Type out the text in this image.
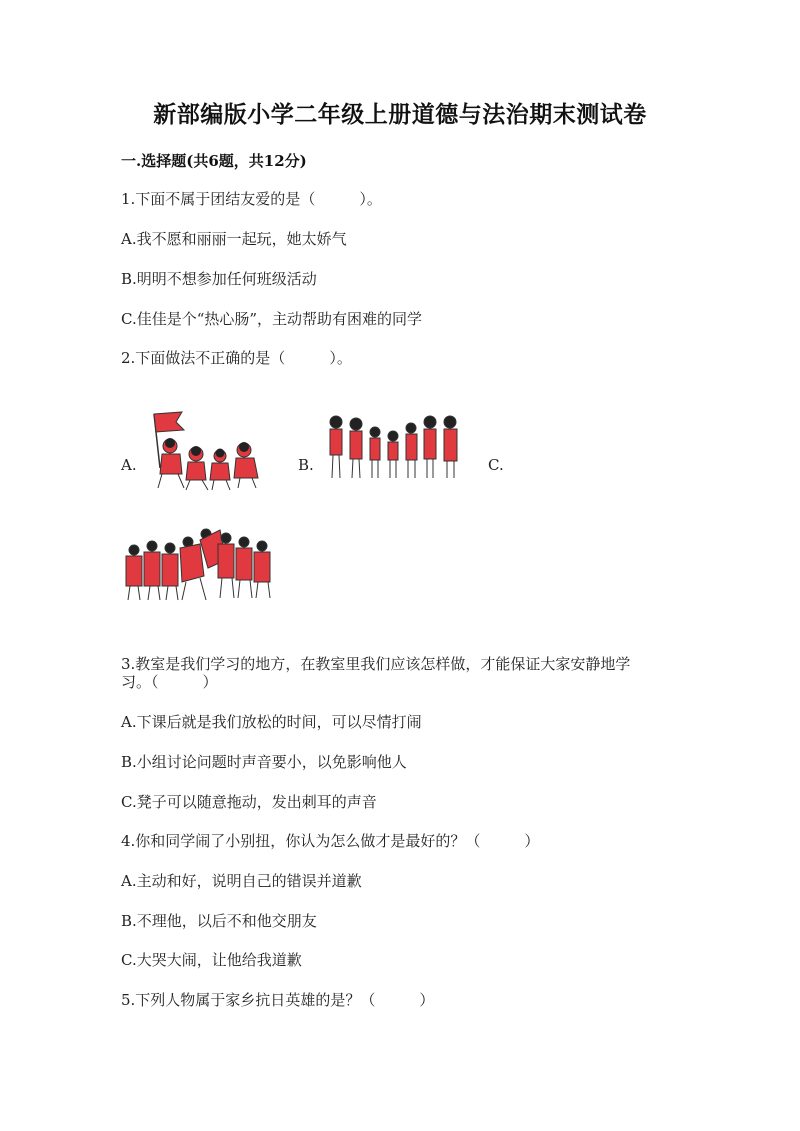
新部编版小学二年级上册道德与法治期末测试卷
一.选择题(共6题，共12分)
1.下面不属于团结友爱的是（	）。
A.我不愿和丽丽一起玩，她太娇气
B.明明不想参加任何班级活动
C.佳佳是个“热心肠”，主动帮助有困难的同学
2.下面做法不正确的是（	）。
A.	B.	C.
3.教室是我们学习的地方，在教室里我们应该怎样做，才能保证大家安静地学
习。（	）
A.下课后就是我们放松的时间，可以尽情打闹
B.小组讨论问题时声音要小，以免影响他人
C.凳子可以随意拖动，发出刺耳的声音
4.你和同学闹了小别扭，你认为怎么做才是最好的？（	）
A.主动和好，说明自己的错误并道歉
B.不理他，以后不和他交朋友
C.大哭大闹，让他给我道歉
5.下列人物属于家乡抗日英雄的是？（	）
